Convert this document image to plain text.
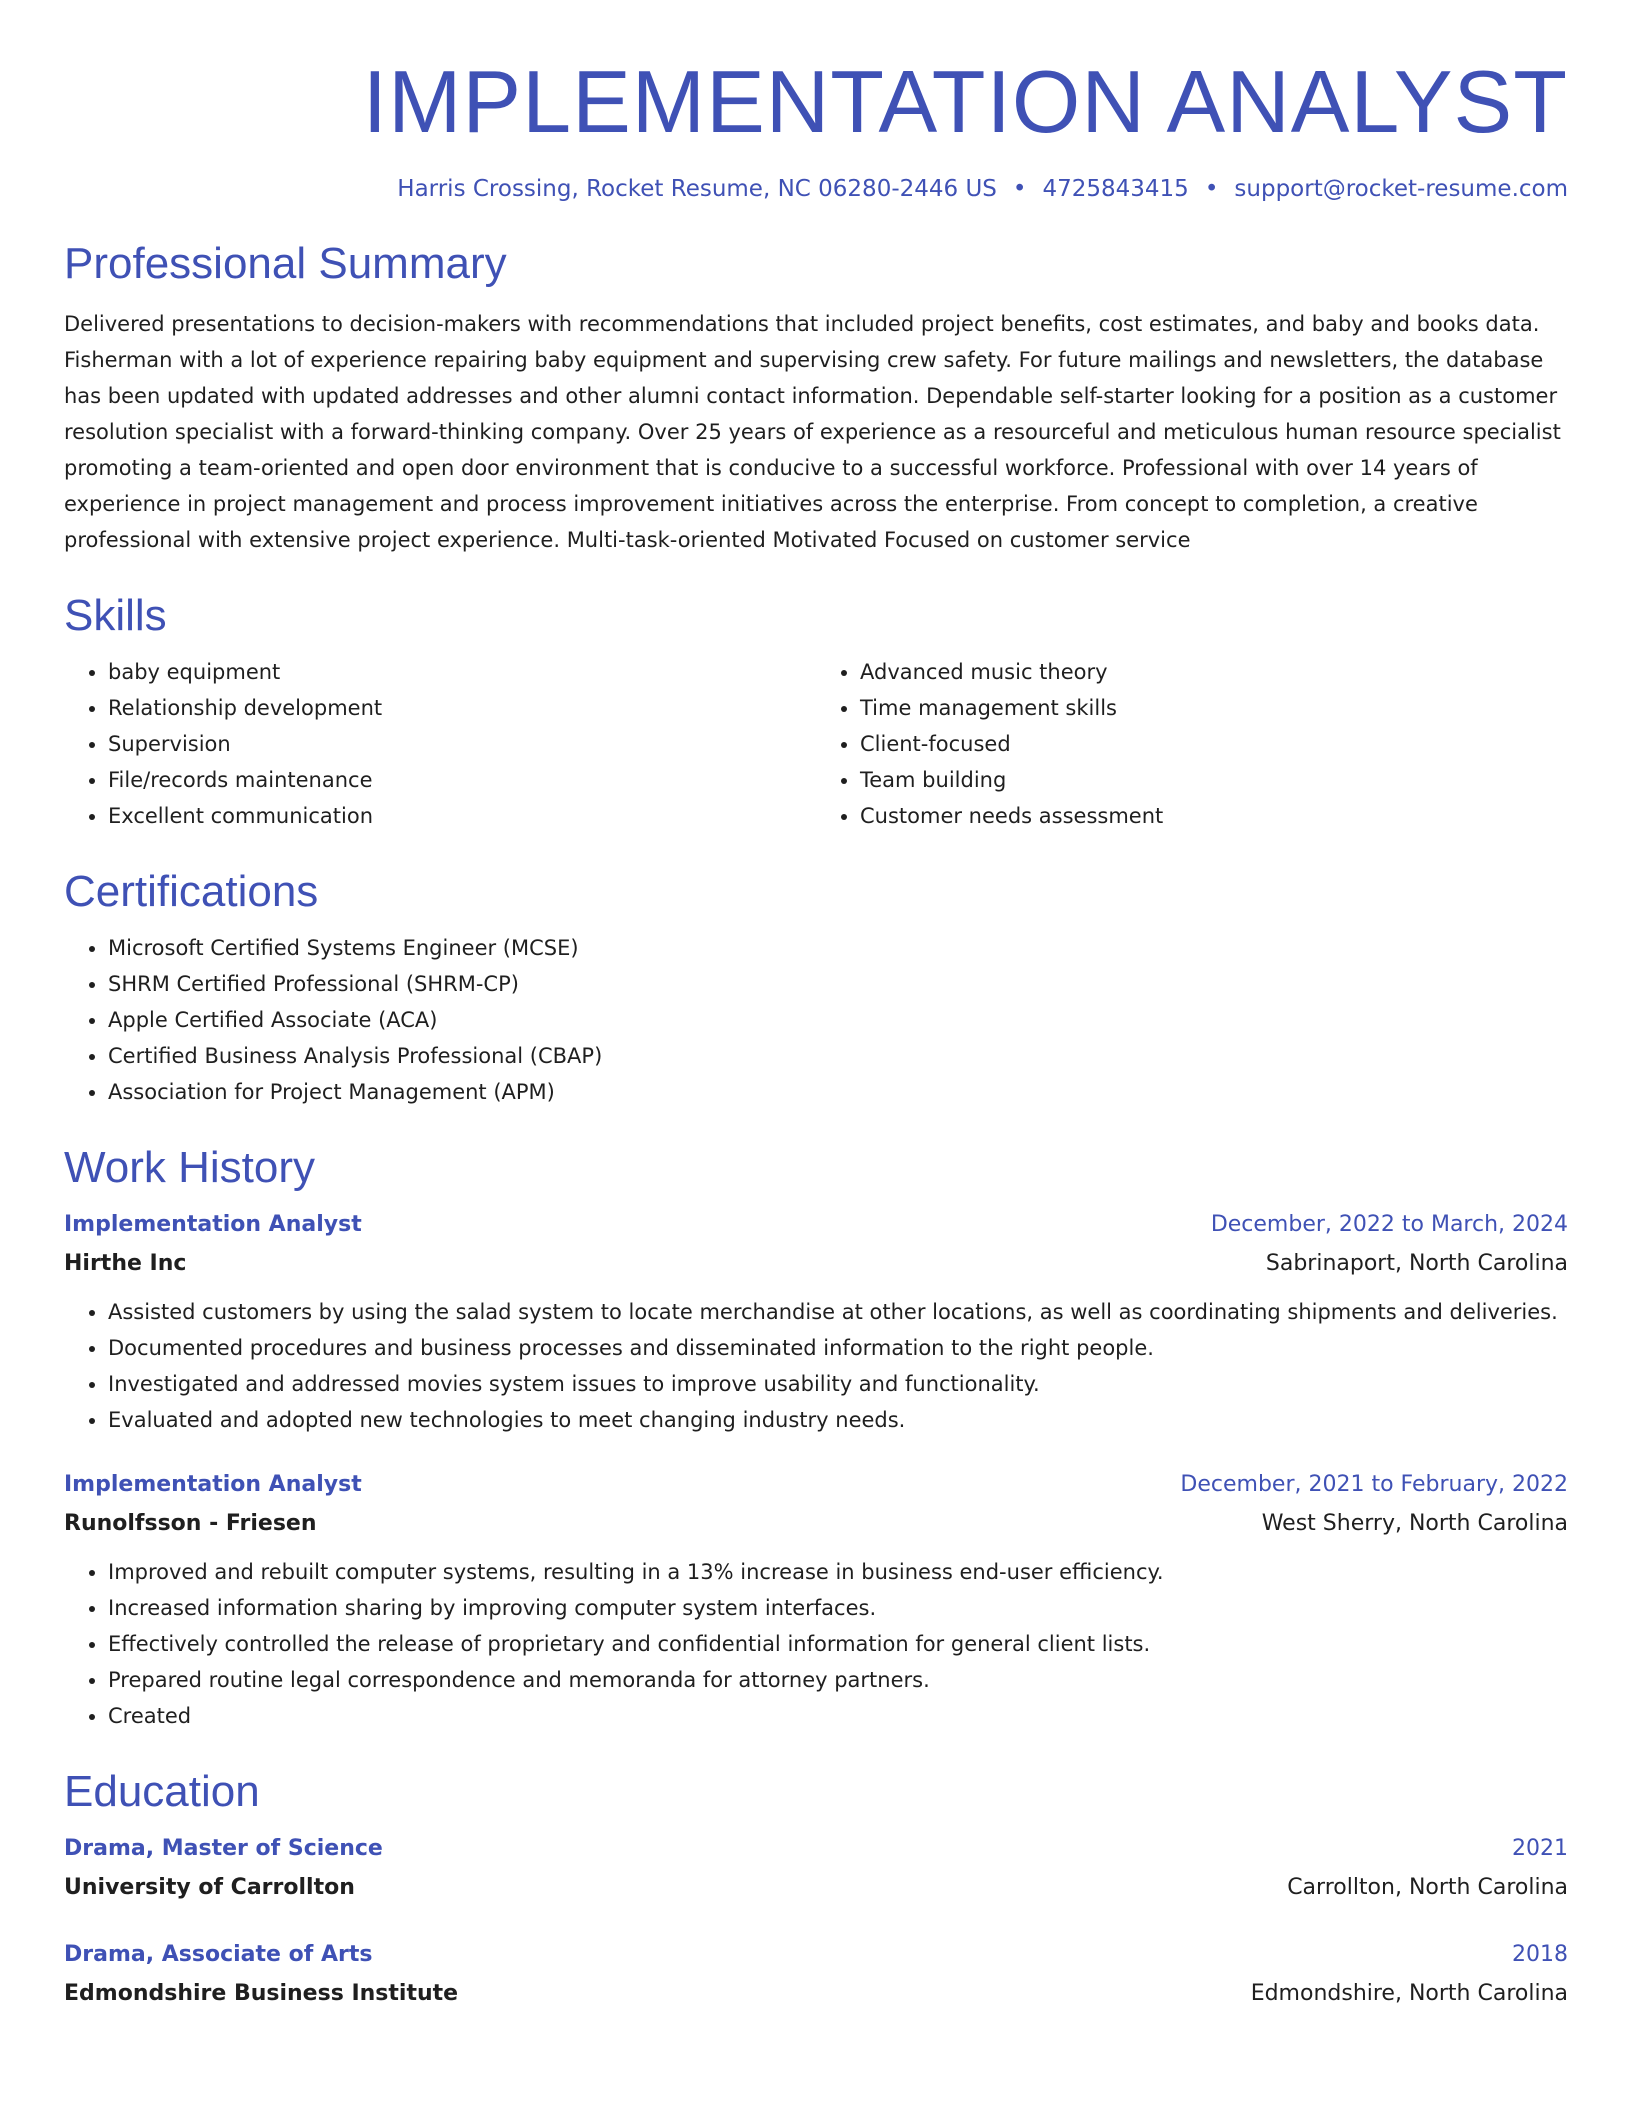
IMPLEMENTATION ANALYST
Harris Crossing, Rocket Resume, NC 06280-2446 US • 4725843415 • support@rocket-resume.com
Professional Summary
Delivered presentations to decision-makers with recommendations that included project benefits, cost estimates, and baby and books data. Fisherman with a lot of experience repairing baby equipment and supervising crew safety. For future mailings and newsletters, the database has been updated with updated addresses and other alumni contact information. Dependable self-starter looking for a position as a customer resolution specialist with a forward-thinking company. Over 25 years of experience as a resourceful and meticulous human resource specialist promoting a team-oriented and open door environment that is conducive to a successful workforce. Professional with over 14 years of experience in project management and process improvement initiatives across the enterprise. From concept to completion, a creative professional with extensive project experience. Multi-task-oriented Motivated Focused on customer service
Skills
• baby equipment
• Relationship development
• Supervision
• File/records maintenance
• Excellent communication
• Advanced music theory
• Time management skills
• Client-focused
• Team building
• Customer needs assessment
Certifications
• Microsoft Certified Systems Engineer (MCSE)
• SHRM Certified Professional (SHRM-CP)
• Apple Certified Associate (ACA)
• Certified Business Analysis Professional (CBAP)
• Association for Project Management (APM)
Work History
Implementation Analyst	December, 2022 to March, 2024
Hirthe Inc	Sabrinaport, North Carolina
• Assisted customers by using the salad system to locate merchandise at other locations, as well as coordinating shipments and deliveries.
• Documented procedures and business processes and disseminated information to the right people.
• Investigated and addressed movies system issues to improve usability and functionality.
• Evaluated and adopted new technologies to meet changing industry needs.
Implementation Analyst	December, 2021 to February, 2022
Runolfsson - Friesen	West Sherry, North Carolina
• Improved and rebuilt computer systems, resulting in a 13% increase in business end-user efficiency.
• Increased information sharing by improving computer system interfaces.
• Effectively controlled the release of proprietary and confidential information for general client lists.
• Prepared routine legal correspondence and memoranda for attorney partners.
• Created
Education
Drama, Master of Science	2021
University of Carrollton	Carrollton, North Carolina
Drama, Associate of Arts	2018
Edmondshire Business Institute	Edmondshire, North Carolina
